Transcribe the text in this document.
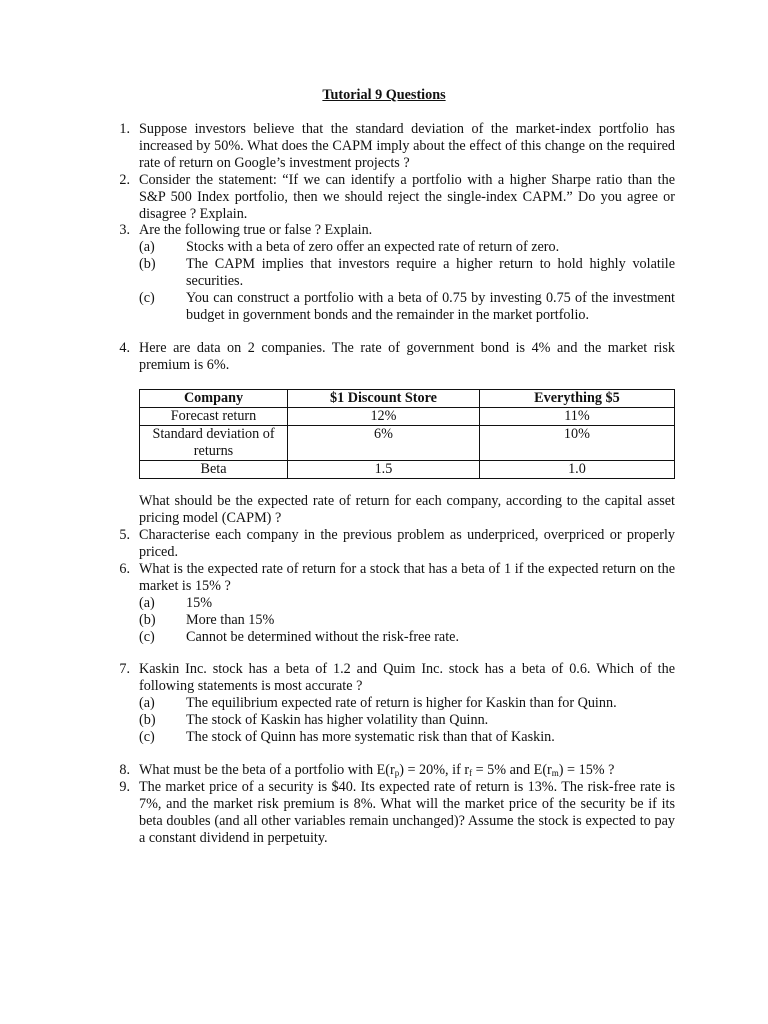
Tutorial 9 Questions
1. Suppose investors believe that the standard deviation of the market-index portfolio has increased by 50%. What does the CAPM imply about the effect of this change on the required rate of return on Google’s investment projects ?

2. Consider the statement: “If we can identify a portfolio with a higher Sharpe ratio than the S&P 500 Index portfolio, then we should reject the single-index CAPM.” Do you agree or disagree ? Explain.

3. Are the following true or false ? Explain.

(a) Stocks with a beta of zero offer an expected rate of return of zero.
(b) The CAPM implies that investors require a higher return to hold highly volatile securities.
(c) You can construct a portfolio with a beta of 0.75 by investing 0.75 of the investment budget in government bonds and the remainder in the market portfolio.
4. Here are data on 2 companies. The rate of government bond is 4% and the market risk premium is 6%.

Company	$1 Discount Store	Everything $5
Forecast return	12%	11%
Standard deviation of returns	6%	10%
Beta	1.5	1.0

What should be the expected rate of return for each company, according to the capital asset pricing model (CAPM) ?

5. Characterise each company in the previous problem as underpriced, overpriced or properly priced.

6. What is the expected rate of return for a stock that has a beta of 1 if the expected return on the market is 15% ?

(a) 15%
(b) More than 15%
(c) Cannot be determined without the risk-free rate.
7. Kaskin Inc. stock has a beta of 1.2 and Quim Inc. stock has a beta of 0.6. Which of the following statements is most accurate ?

(a) The equilibrium expected rate of return is higher for Kaskin than for Quinn.
(b) The stock of Kaskin has higher volatility than Quinn.
(c) The stock of Quinn has more systematic risk than that of Kaskin.
8. What must be the beta of a portfolio with $E(r_p) = 20\%$, if $r_f = 5\%$ and $E(r_m) = 15\%$ ?

9. The market price of a security is $40. Its expected rate of return is 13%. The risk-free rate is 7%, and the market risk premium is 8%. What will the market price of the security be if its beta doubles (and all other variables remain unchanged)? Assume the stock is expected to pay a constant dividend in perpetuity.
